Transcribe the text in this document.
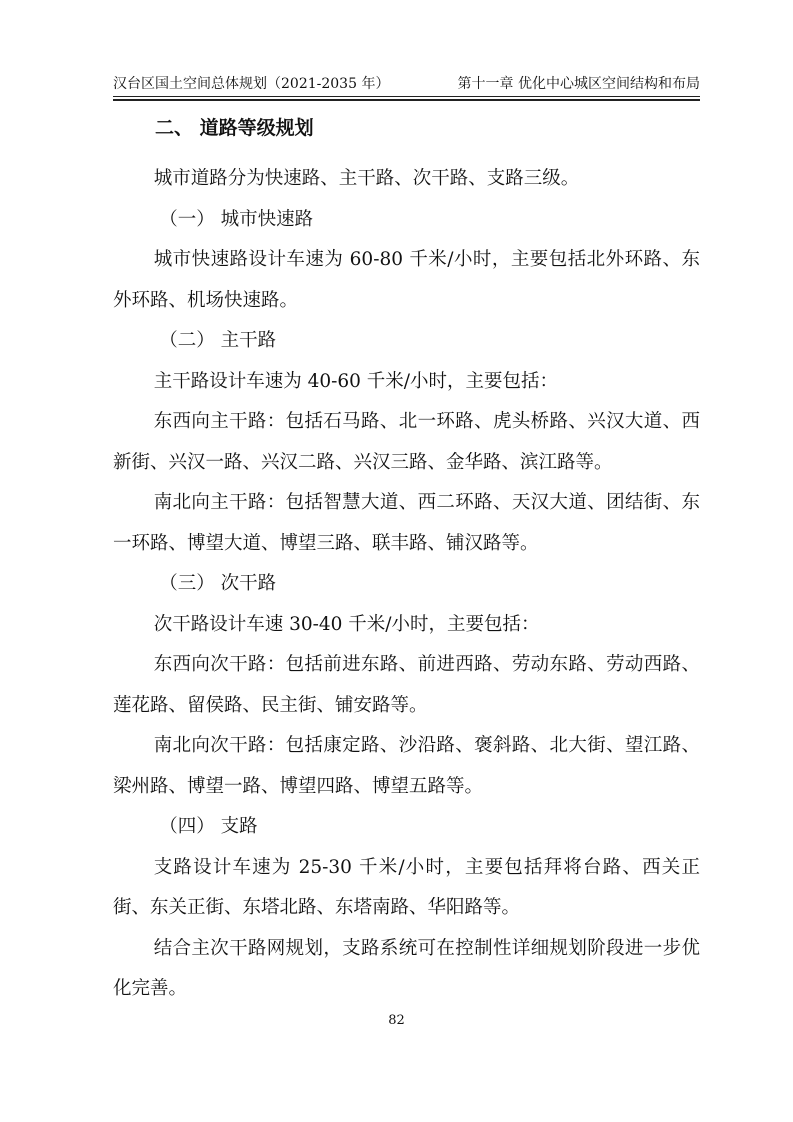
汉台区国土空间总体规划（2021-2035 年）	第十一章 优化中心城区空间结构和布局
二、 道路等级规划

城市道路分为快速路、主干路、次干路、支路三级。

（一） 城市快速路

城市快速路设计车速为 60-80 千米/小时，主要包括北外环路、东外环路、机场快速路。

（二） 主干路

主干路设计车速为 40-60 千米/小时，主要包括：

东西向主干路：包括石马路、北一环路、虎头桥路、兴汉大道、西新街、兴汉一路、兴汉二路、兴汉三路、金华路、滨江路等。

南北向主干路：包括智慧大道、西二环路、天汉大道、团结街、东一环路、博望大道、博望三路、联丰路、铺汉路等。

（三） 次干路

次干路设计车速 30-40 千米/小时，主要包括：

东西向次干路：包括前进东路、前进西路、劳动东路、劳动西路、莲花路、留侯路、民主街、铺安路等。

南北向次干路：包括康定路、沙沿路、褒斜路、北大街、望江路、梁州路、博望一路、博望四路、博望五路等。

（四） 支路

支路设计车速为 25-30 千米/小时，主要包括拜将台路、西关正街、东关正街、东塔北路、东塔南路、华阳路等。

结合主次干路网规划，支路系统可在控制性详细规划阶段进一步优化完善。

82
